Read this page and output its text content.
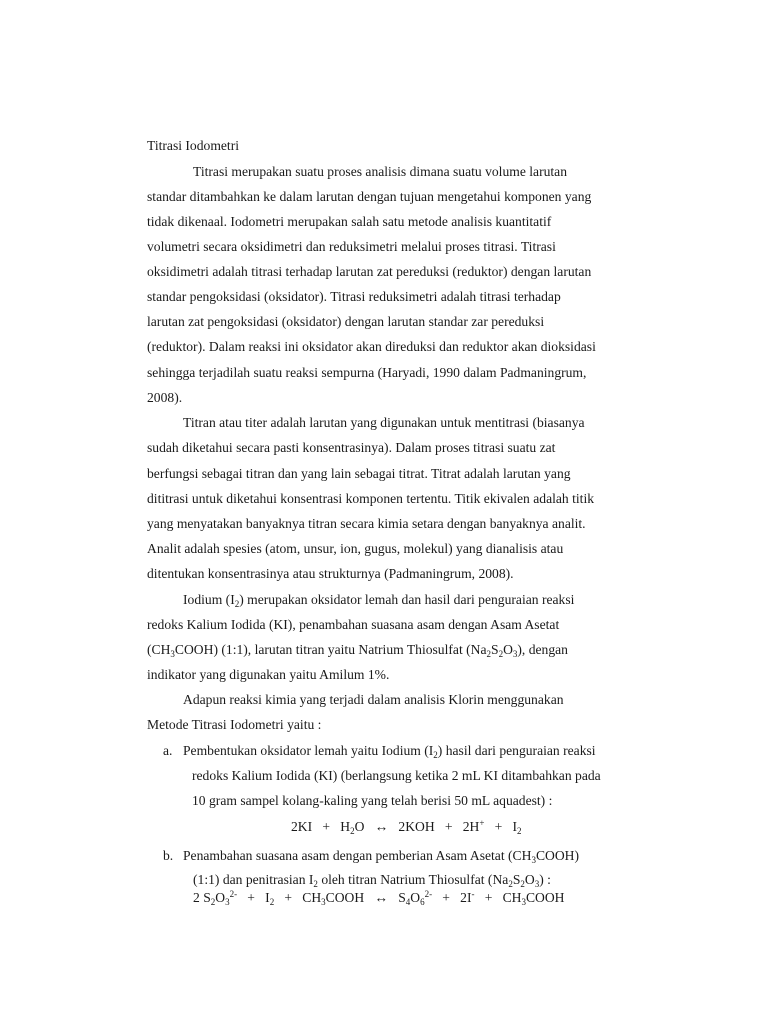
Titrasi Iodometri
Titrasi merupakan suatu proses analisis dimana suatu volume larutan
standar ditambahkan ke dalam larutan dengan tujuan mengetahui komponen yang
tidak dikenaal. Iodometri merupakan salah satu metode analisis kuantitatif
volumetri secara oksidimetri dan reduksimetri melalui proses titrasi. Titrasi
oksidimetri adalah titrasi terhadap larutan zat pereduksi (reduktor) dengan larutan
standar pengoksidasi (oksidator). Titrasi reduksimetri adalah titrasi terhadap
larutan zat pengoksidasi (oksidator) dengan larutan standar zar pereduksi
(reduktor). Dalam reaksi ini oksidator akan direduksi dan reduktor akan dioksidasi
sehingga terjadilah suatu reaksi sempurna (Haryadi, 1990 dalam Padmaningrum,
2008).
Titran atau titer adalah larutan yang digunakan untuk mentitrasi (biasanya
sudah diketahui secara pasti konsentrasinya). Dalam proses titrasi suatu zat
berfungsi sebagai titran dan yang lain sebagai titrat. Titrat adalah larutan yang
dititrasi untuk diketahui konsentrasi komponen tertentu. Titik ekivalen adalah titik
yang menyatakan banyaknya titran secara kimia setara dengan banyaknya analit.
Analit adalah spesies (atom, unsur, ion, gugus, molekul) yang dianalisis atau
ditentukan konsentrasinya atau strukturnya (Padmaningrum, 2008).
Iodium $(I_2)$ merupakan oksidator lemah dan hasil dari penguraian reaksi
redoks Kalium Iodida (KI), penambahan suasana asam dengan Asam Asetat
$(CH_3COOH)$ (1:1), larutan titran yaitu Natrium Thiosulfat $(Na_2S_2O_3)$, dengan
indikator yang digunakan yaitu Amilum 1%.
Adapun reaksi kimia yang terjadi dalam analisis Klorin menggunakan
Metode Titrasi Iodometri yaitu :
a. Pembentukan oksidator lemah yaitu Iodium $(I_2)$ hasil dari penguraian reaksi
redoks Kalium Iodida (KI) (berlangsung ketika 2 mL KI ditambahkan pada
10 gram sampel kolang-kaling yang telah berisi 50 mL aquadest) :
$2KI + H_2O$ ↔ $2KOH + 2H^+ + I_2$
b. Penambahan suasana asam dengan pemberian Asam Asetat $(CH_3COOH)$
(1:1) dan penitrasian $I_2$ oleh titran Natrium Thiosulfat $(Na_2S_2O_3)$ :
2 $S_2O_3^{2-} + I_2$ + $CH_3COOH$ ↔ $S_4O_6^{2-} + 2I^-$ + $CH_3COOH$
